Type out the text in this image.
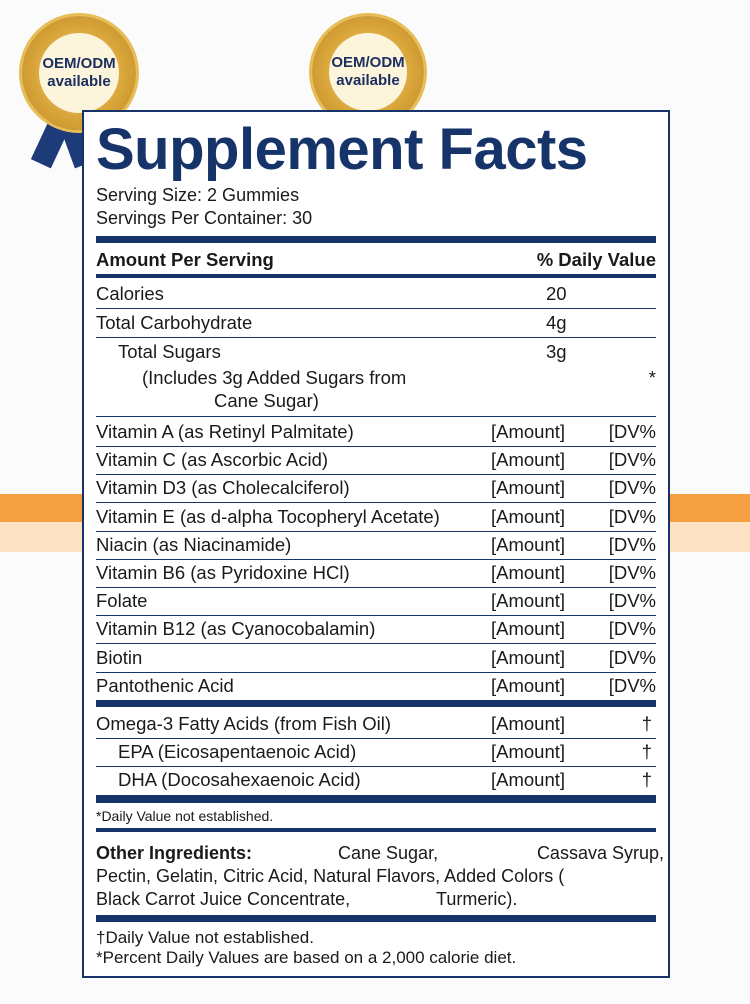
OEM/ODM
available
OEM/ODM
available
Supplement Facts
Serving Size: 2 Gummies
Servings Per Container: 30
Amount Per Serving	% Daily Value
Calories	20
Total Carbohydrate	4g
Total Sugars	3g
(Includes 3g Added Sugars from	*
Cane Sugar)
Vitamin A (as Retinyl Palmitate)	[Amount] [DV%
Vitamin C (as Ascorbic Acid)	[Amount] [DV%
Vitamin D3 (as Cholecalciferol)	[Amount] [DV%
Vitamin E (as d-alpha Tocopheryl Acetate)	[Amount] [DV%
Niacin (as Niacinamide)	[Amount] [DV%
Vitamin B6 (as Pyridoxine HCl)	[Amount] [DV%
Folate	[Amount] [DV%
Vitamin B12 (as Cyanocobalamin)	[Amount] [DV%
Biotin	[Amount] [DV%
Pantothenic Acid	[Amount] [DV%
Omega-3 Fatty Acids (from Fish Oil)	[Amount]	†
EPA (Eicosapentaenoic Acid)	[Amount]	†
DHA (Docosahexaenoic Acid)	[Amount]	†
*Daily Value not established.
Other Ingredients:	Cane Sugar,	Cassava Syrup,
Pectin, Gelatin, Citric Acid, Natural Flavors, Added Colors (
Black Carrot Juice Concentrate,	Turmeric).
†Daily Value not established.
*Percent Daily Values are based on a 2,000 calorie diet.
